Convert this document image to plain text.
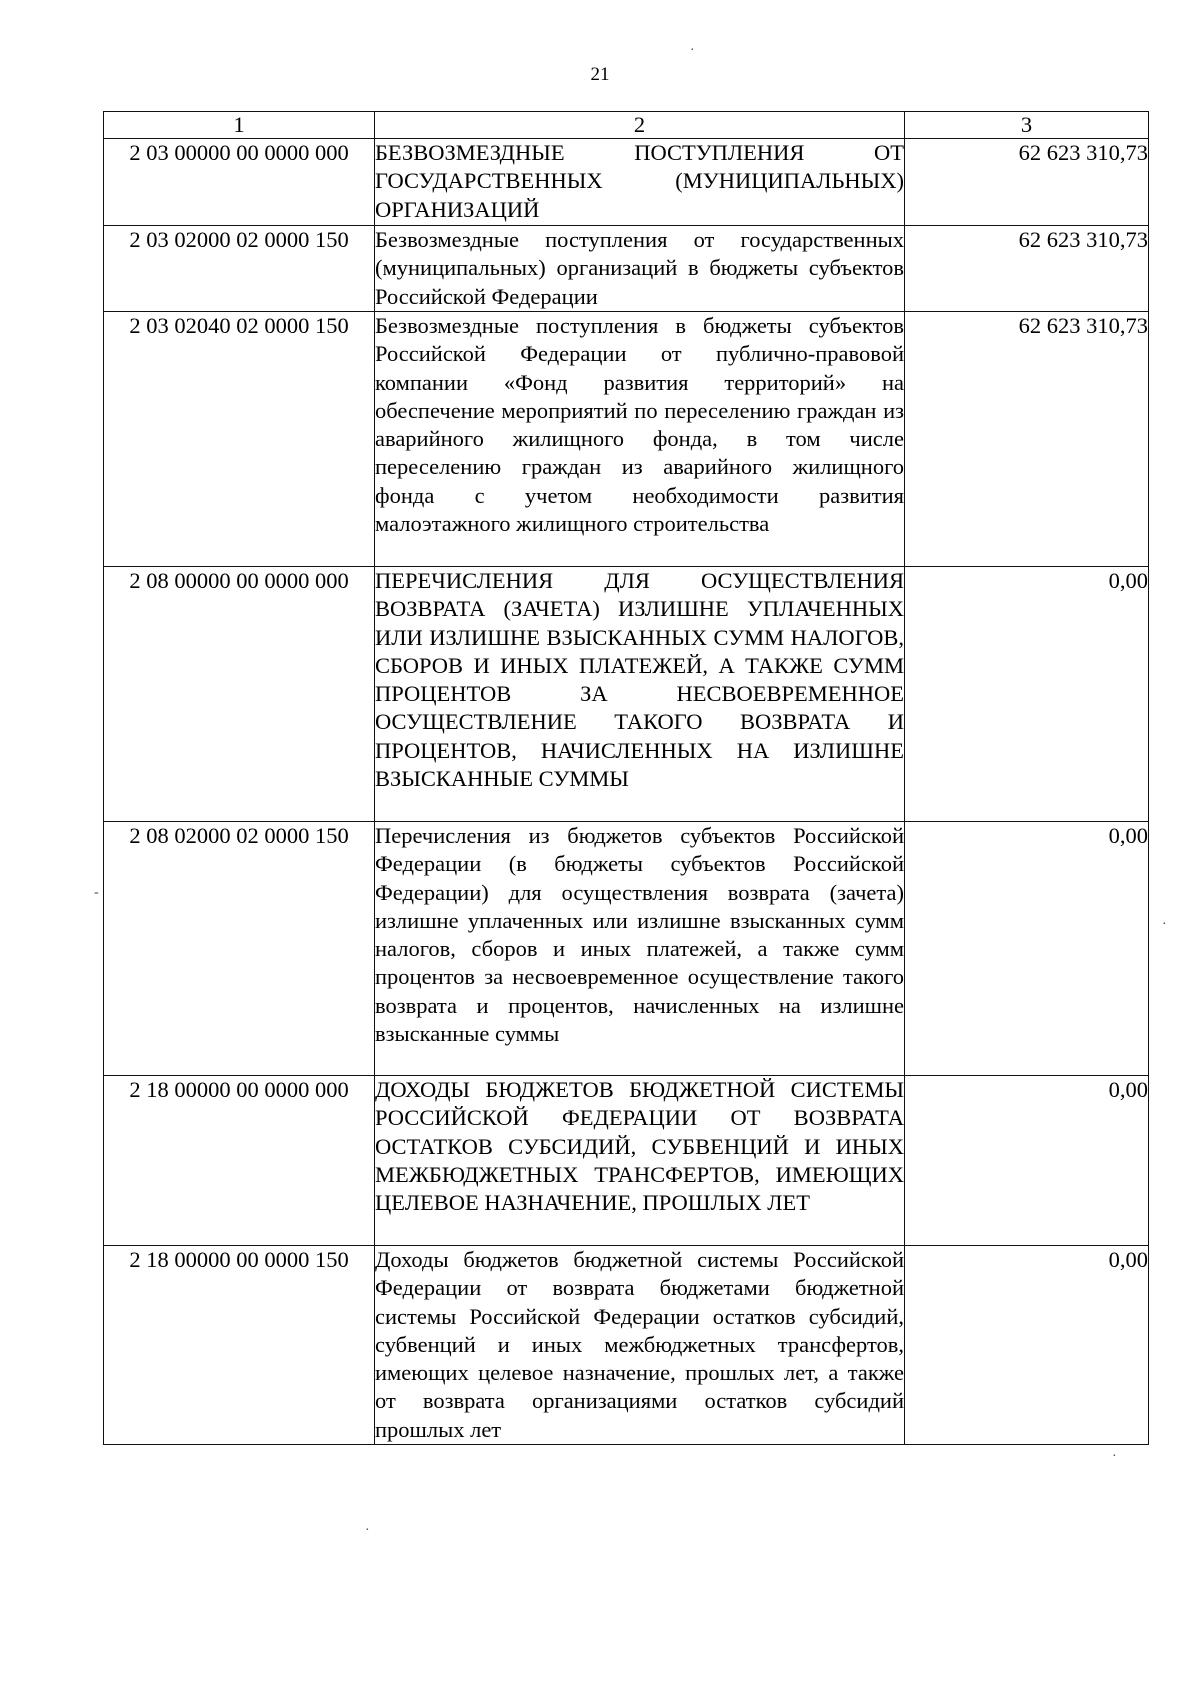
21
1	2	3
2 03 00000 00 0000 000	БЕЗВОЗМЕЗДНЫЕ ПОСТУПЛЕНИЯ ОТ ГОСУДАРСТВЕННЫХ (МУНИЦИПАЛЬНЫХ) ОРГАНИЗАЦИЙ	62 623 310,73
2 03 02000 02 0000 150	Безвозмездные поступления от государственных (муниципальных) организаций в бюджеты субъектов Российской Федерации	62 623 310,73
2 03 02040 02 0000 150	Безвозмездные поступления в бюджеты субъектов Российской Федерации от публично-правовой компании «Фонд развития территорий» на обеспечение мероприятий по переселению граждан из аварийного жилищного фонда, в том числе переселению граждан из аварийного жилищного фонда с учетом необходимости развития малоэтажного жилищного строительства	62 623 310,73
2 08 00000 00 0000 000	ПЕРЕЧИСЛЕНИЯ ДЛЯ ОСУЩЕСТВЛЕНИЯ ВОЗВРАТА (ЗАЧЕТА) ИЗЛИШНЕ УПЛАЧЕННЫХ ИЛИ ИЗЛИШНЕ ВЗЫСКАННЫХ СУММ НАЛОГОВ, СБОРОВ И ИНЫХ ПЛАТЕЖЕЙ, А ТАКЖЕ СУММ ПРОЦЕНТОВ ЗА НЕСВОЕВРЕМЕННОЕ ОСУЩЕСТВЛЕНИЕ ТАКОГО ВОЗВРАТА И ПРОЦЕНТОВ, НАЧИСЛЕННЫХ НА ИЗЛИШНЕ ВЗЫСКАННЫЕ СУММЫ	0,00
2 08 02000 02 0000 150	Перечисления из бюджетов субъектов Российской Федерации (в бюджеты субъектов Российской Федерации) для осуществления возврата (зачета) излишне уплаченных или излишне взысканных сумм налогов, сборов и иных платежей, а также сумм процентов за несвоевременное осуществление такого возврата и процентов, начисленных на излишне взысканные суммы	0,00
2 18 00000 00 0000 000	ДОХОДЫ БЮДЖЕТОВ БЮДЖЕТНОЙ СИСТЕМЫ РОССИЙСКОЙ ФЕДЕРАЦИИ ОТ ВОЗВРАТА ОСТАТКОВ СУБСИДИЙ, СУБВЕНЦИЙ И ИНЫХ МЕЖБЮДЖЕТНЫХ ТРАНСФЕРТОВ, ИМЕЮЩИХ ЦЕЛЕВОЕ НАЗНАЧЕНИЕ, ПРОШЛЫХ ЛЕТ	0,00
2 18 00000 00 0000 150	Доходы бюджетов бюджетной системы Российской Федерации от возврата бюджетами бюджетной системы Российской Федерации остатков субсидий, субвенций и иных межбюджетных трансфертов, имеющих целевое назначение, прошлых лет, а также от возврата организациями остатков субсидий прошлых лет	0,00
·
-
·
·
·
